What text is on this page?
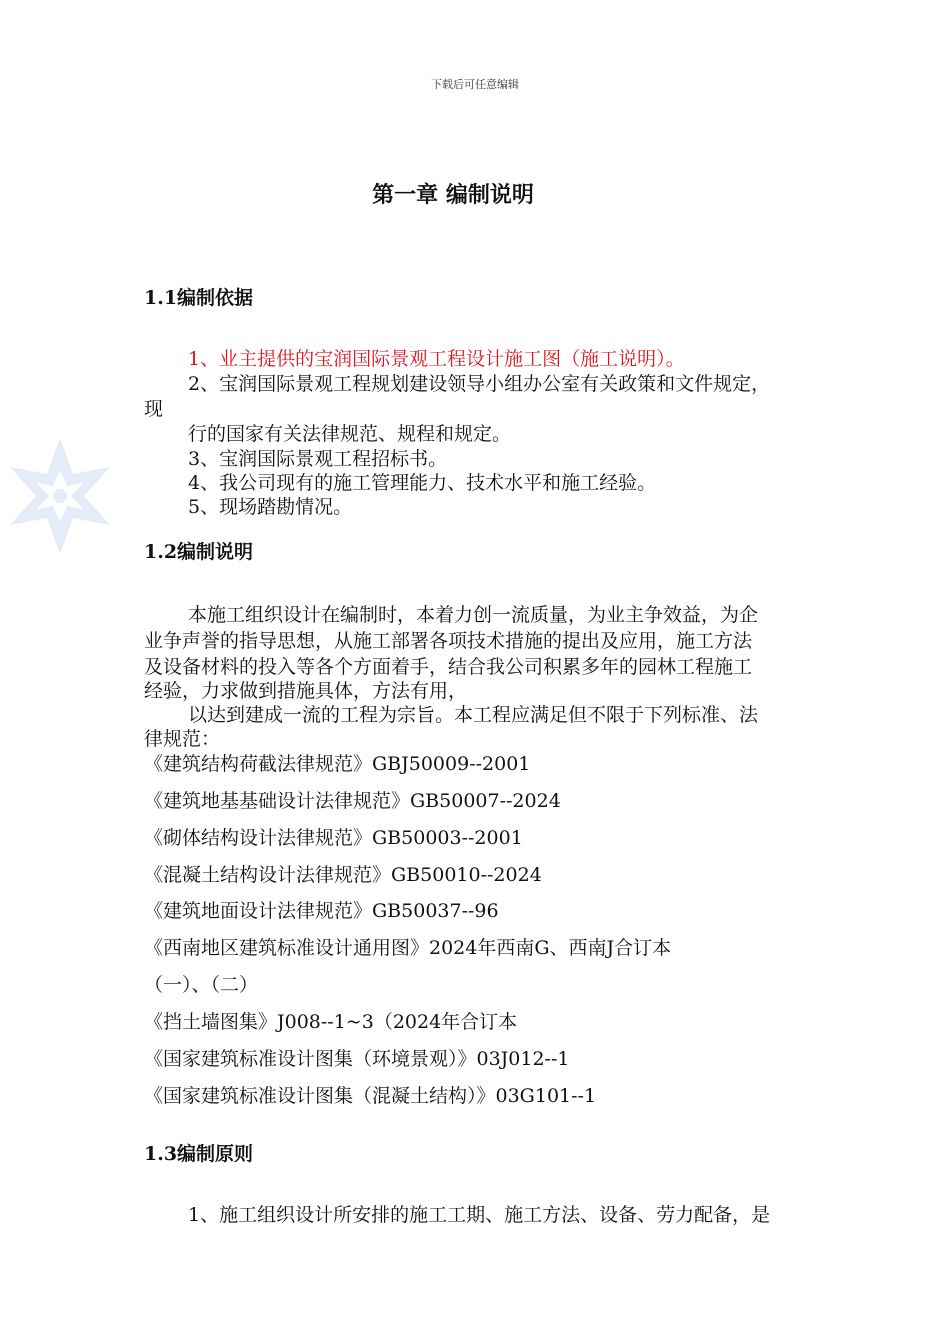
下载后可任意编辑
第一章 编制说明
1.1编制依据
1、业主提供的宝润国际景观工程设计施工图（施工说明）。
2、宝润国际景观工程规划建设领导小组办公室有关政策和文件规定，
现
行的国家有关法律规范、规程和规定。
3、宝润国际景观工程招标书。
4、我公司现有的施工管理能力、技术水平和施工经验。
5、现场踏勘情况。
1.2编制说明
本施工组织设计在编制时，本着力创一流质量，为业主争效益，为企
业争声誉的指导思想，从施工部署各项技术措施的提出及应用，施工方法
及设备材料的投入等各个方面着手，结合我公司积累多年的园林工程施工
经验，力求做到措施具体，方法有用，
以达到建成一流的工程为宗旨。本工程应满足但不限于下列标准、法
律规范：
《建筑结构荷截法律规范》GBJ50009--2001
《建筑地基基础设计法律规范》GB50007--2024
《砌体结构设计法律规范》GB50003--2001
《混凝土结构设计法律规范》GB50010--2024
《建筑地面设计法律规范》GB50037--96
《西南地区建筑标准设计通用图》2024年西南G、西南J合订本
（一）、（二）
《挡土墙图集》J008--1~3（2024年合订本
《国家建筑标准设计图集（环境景观）》03J012--1
《国家建筑标准设计图集（混凝土结构）》03G101--1
1.3编制原则
1、施工组织设计所安排的施工工期、施工方法、设备、劳力配备，是
